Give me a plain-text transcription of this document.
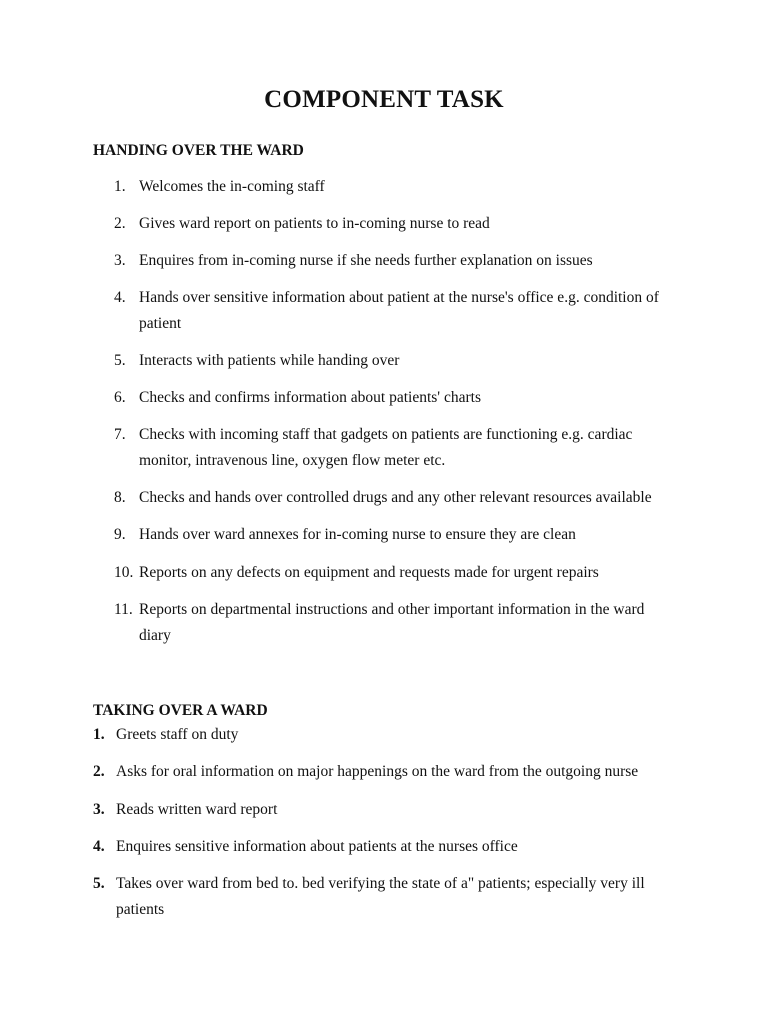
COMPONENT TASK
HANDING OVER THE WARD
1. Welcomes the in-coming staff
2. Gives ward report on patients to in-coming nurse to read
3. Enquires from in-coming nurse if she needs further explanation on issues
4. Hands over sensitive information about patient at the nurse's office e.g. condition of patient
5. Interacts with patients while handing over
6. Checks and confirms information about patients' charts
7. Checks with incoming staff that gadgets on patients are functioning e.g. cardiac monitor, intravenous line, oxygen flow meter etc.
8. Checks and hands over controlled drugs and any other relevant resources available
9. Hands over ward annexes for in-coming nurse to ensure they are clean
10. Reports on any defects on equipment and requests made for urgent repairs
11. Reports on departmental instructions and other important information in the ward diary
TAKING OVER A WARD
1. Greets staff on duty
2. Asks for oral information on major happenings on the ward from the outgoing nurse
3. Reads written ward report
4. Enquires sensitive information about patients at the nurses office
5. Takes over ward from bed to. bed verifying the state of a" patients; especially very ill patients
